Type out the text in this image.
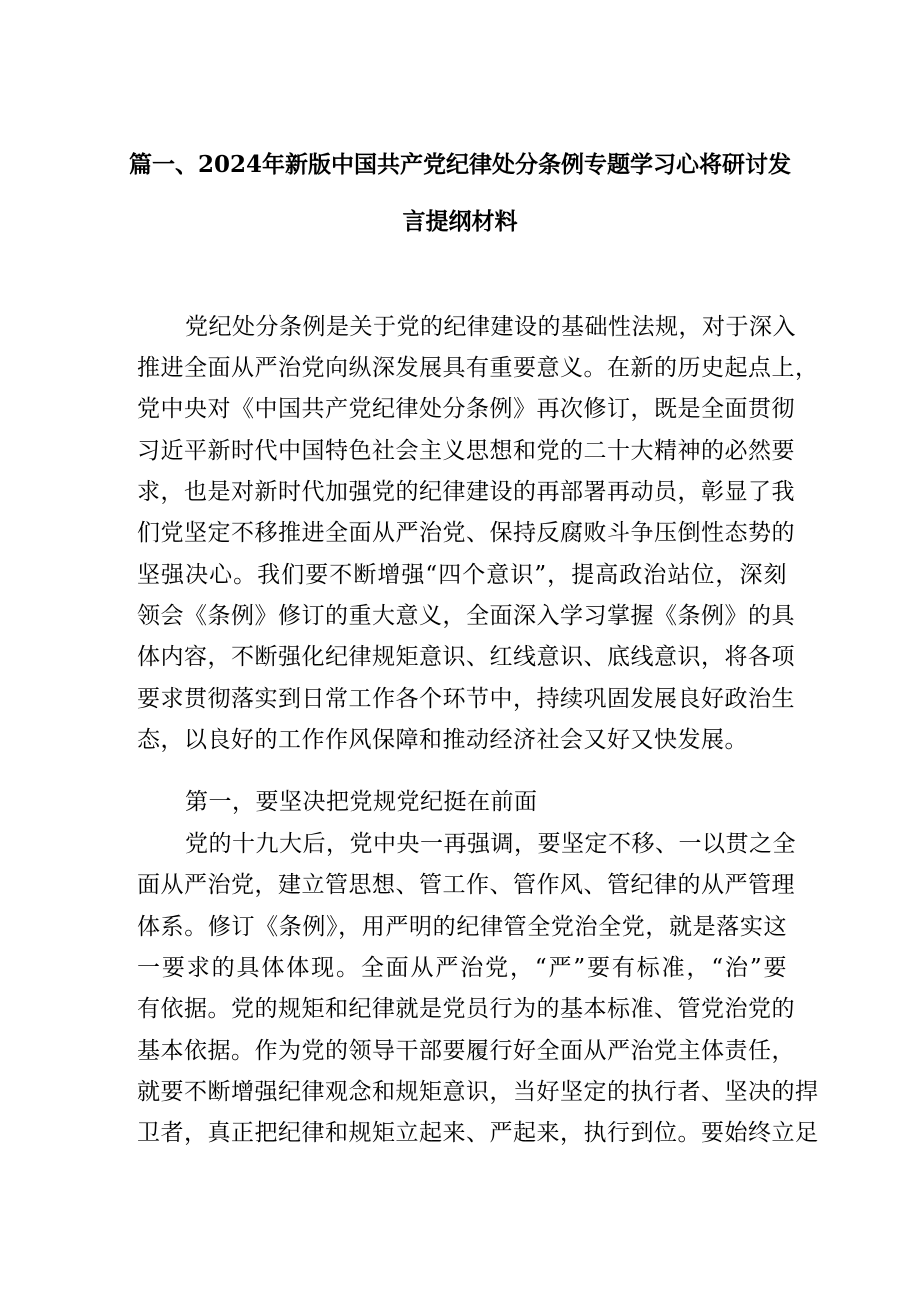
篇一、2024年新版中国共产党纪律处分条例专题学习心将研讨发
言提纲材料
党纪处分条例是关于党的纪律建设的基础性法规，对于深入
推进全面从严治党向纵深发展具有重要意义。在新的历史起点上，
党中央对《中国共产党纪律处分条例》再次修订，既是全面贯彻
习近平新时代中国特色社会主义思想和党的二十大精神的必然要
求，也是对新时代加强党的纪律建设的再部署再动员，彰显了我
们党坚定不移推进全面从严治党、保持反腐败斗争压倒性态势的
坚强决心。我们要不断增强“四个意识”，提高政治站位，深刻
领会《条例》修订的重大意义，全面深入学习掌握《条例》的具
体内容，不断强化纪律规矩意识、红线意识、底线意识，将各项
要求贯彻落实到日常工作各个环节中，持续巩固发展良好政治生
态，以良好的工作作风保障和推动经济社会又好又快发展。
第一，要坚决把党规党纪挺在前面
党的十九大后，党中央一再强调，要坚定不移、一以贯之全
面从严治党，建立管思想、管工作、管作风、管纪律的从严管理
体系。修订《条例》，用严明的纪律管全党治全党，就是落实这
一要求的具体体现。全面从严治党，“严”要有标准，“治”要
有依据。党的规矩和纪律就是党员行为的基本标准、管党治党的
基本依据。作为党的领导干部要履行好全面从严治党主体责任，
就要不断增强纪律观念和规矩意识，当好坚定的执行者、坚决的捍
卫者，真正把纪律和规矩立起来、严起来，执行到位。要始终立足
